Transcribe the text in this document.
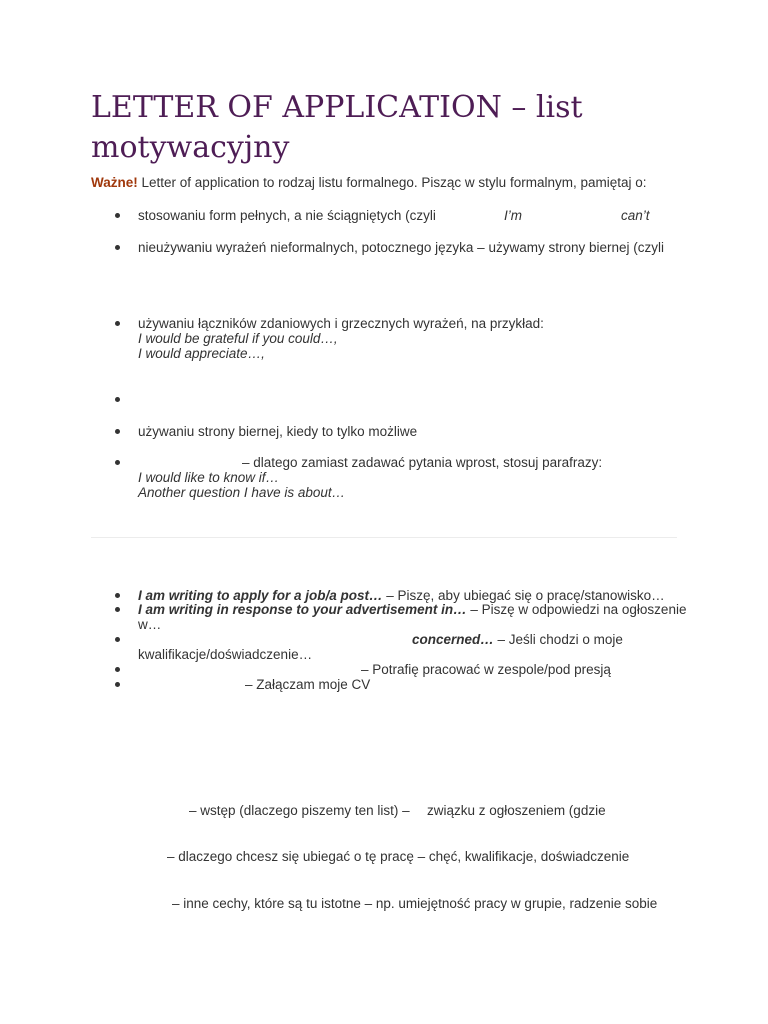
LETTER OF APPLICATION – list motywacyjny
Ważne! Letter of application to rodzaj listu formalnego. Pisząc w stylu formalnym, pamiętaj o:
stosowaniu form pełnych, a nie ściągniętych (czyli	I’m	can’t
nieużywaniu wyrażeń nieformalnych, potocznego języka – używamy strony biernej (czyli
używaniu łączników zdaniowych i grzecznych wyrażeń, na przykład:
I would be grateful if you could…,
I would appreciate…,
używaniu strony biernej, kiedy to tylko możliwe
– dlatego zamiast zadawać pytania wprost, stosuj parafrazy:
I would like to know if…
Another question I have is about…
I am writing to apply for a job/a post… – Piszę, aby ubiegać się o pracę/stanowisko…
I am writing in response to your advertisement in… – Piszę w odpowiedzi na ogłoszenie w…
concerned… – Jeśli chodzi o moje kwalifikacje/doświadczenie…
– Potrafię pracować w zespole/pod presją
– Załączam moje CV
– wstęp (dlaczego piszemy ten list) – związku z ogłoszeniem (gdzie
– dlaczego chcesz się ubiegać o tę pracę – chęć, kwalifikacje, doświadczenie
– inne cechy, które są tu istotne – np. umiejętność pracy w grupie, radzenie sobie
